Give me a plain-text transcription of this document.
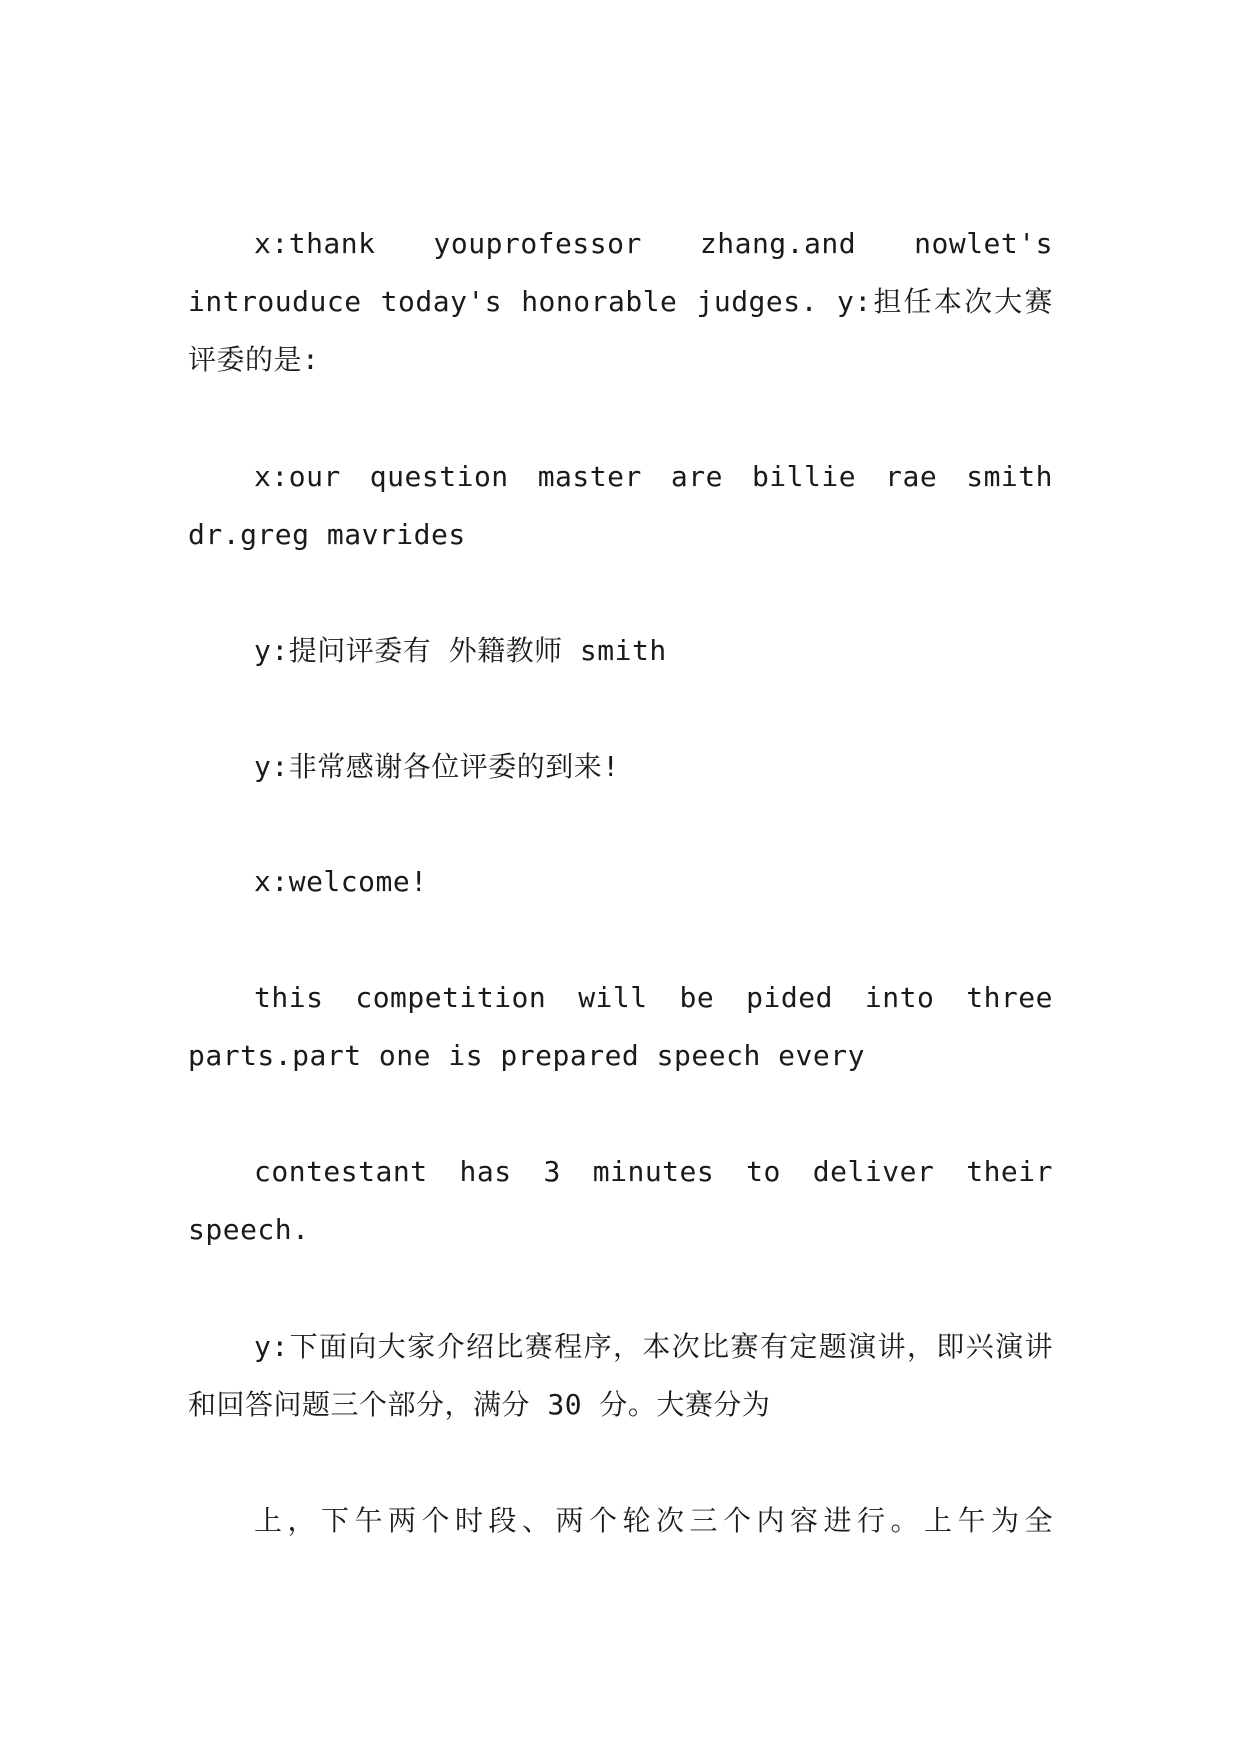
x:thank youprofessor zhang.and nowlet's introuduce today's honorable judges. y:担任本次大赛评委的是:

x:our question master are billie rae smith dr.greg mavrides

y:提问评委有 外籍教师 smith

y:非常感谢各位评委的到来!

x:welcome!

this competition will be pided into three parts.part one is prepared speech every

contestant has 3 minutes to deliver their speech.

y:下面向大家介绍比赛程序，本次比赛有定题演讲，即兴演讲和回答问题三个部分，满分 30 分。大赛分为

上，下午两个时段、两个轮次三个内容进行。上午为全
